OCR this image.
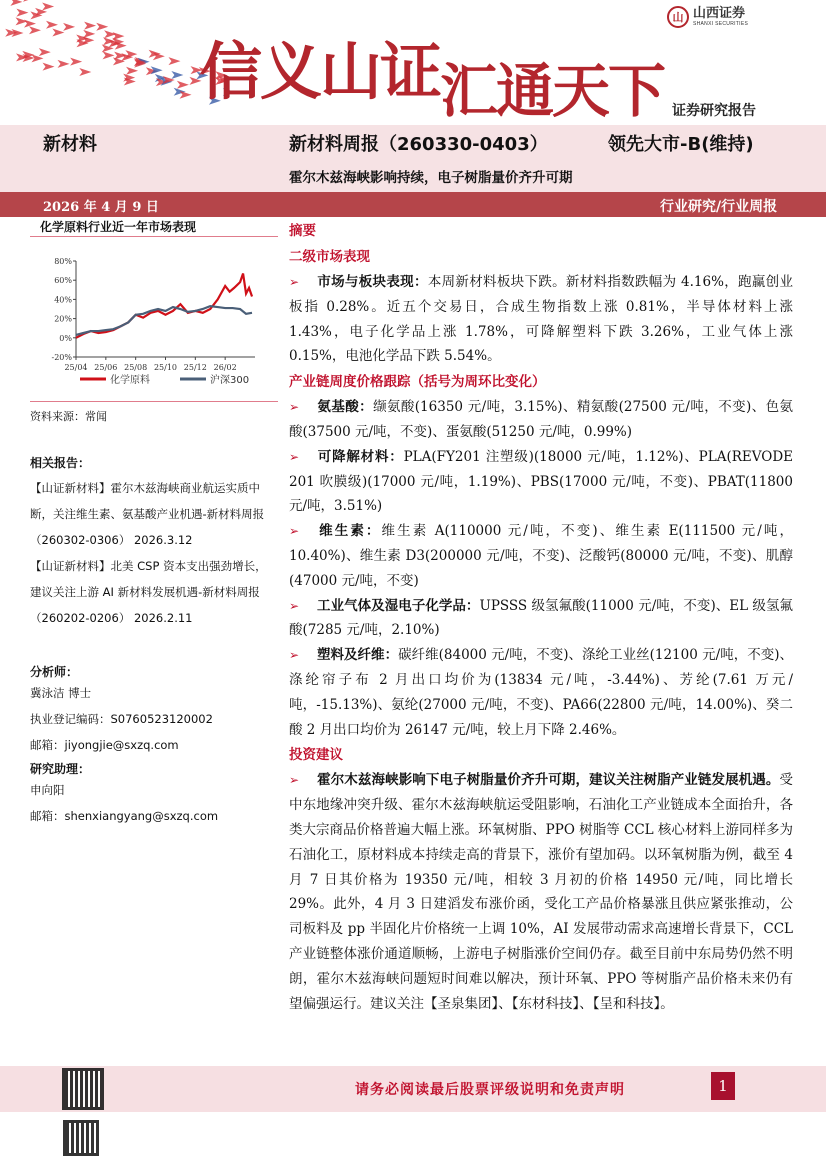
信义山证 汇通天下
山 山西证券
SHANXI SECURITIES
证券研究报告
新材料	新材料周报（260330-0403）	领先大市-B(维持)
霍尔木兹海峡影响持续，电子树脂量价齐升可期
2026 年 4 月 9 日	行业研究/行业周报
化学原料行业近一年市场表现
80%
60%
40%
20%
0%
-20%
25/04 25/06 25/08 25/10 25/12 26/02
化学原料	沪深300
资料来源：常闻
相关报告：
【山证新材料】霍尔木兹海峡商业航运实质中断，关注维生素、氨基酸产业机遇-新材料周报（260302-0306） 2026.3.12
【山证新材料】北美 CSP 资本支出强劲增长，建议关注上游 AI 新材料发展机遇-新材料周报（260202-0206） 2026.2.11
分析师：
冀泳洁 博士
执业登记编码：S0760523120002
邮箱：jiyongjie@sxzq.com
研究助理：
申向阳
邮箱：shenxiangyang@sxzq.com
摘要
二级市场表现
➢ 市场与板块表现：本周新材料板块下跌。新材料指数跌幅为 4.16%，跑赢创业板指 0.28%。近五个交易日，合成生物指数上涨 0.81%，半导体材料上涨 1.43%，电子化学品上涨 1.78%，可降解塑料下跌 3.26%，工业气体上涨 0.15%，电池化学品下跌 5.54%。
产业链周度价格跟踪（括号为周环比变化）
➢ 氨基酸：缬氨酸(16350 元/吨，3.15%)、精氨酸(27500 元/吨，不变)、色氨酸(37500 元/吨，不变)、蛋氨酸(51250 元/吨，0.99%)
➢ 可降解材料：PLA(FY201 注塑级)(18000 元/吨，1.12%)、PLA(REVODE 201 吹膜级)(17000 元/吨，1.19%)、PBS(17000 元/吨，不变)、PBAT(11800 元/吨，3.51%)
➢ 维生素：维生素 A(110000 元/吨，不变)、维生素 E(111500 元/吨，10.40%)、维生素 D3(200000 元/吨，不变)、泛酸钙(80000 元/吨，不变)、肌醇(47000 元/吨，不变)
➢ 工业气体及湿电子化学品：UPSSS 级氢氟酸(11000 元/吨，不变)、EL 级氢氟酸(7285 元/吨，2.10%)
➢ 塑料及纤维：碳纤维(84000 元/吨，不变)、涤纶工业丝(12100 元/吨，不变)、涤纶帘子布 2 月出口均价为(13834 元/吨，-3.44%)、芳纶(7.61 万元/吨，-15.13%)、氨纶(27000 元/吨，不变)、PA66(22800 元/吨，14.00%)、癸二酸 2 月出口均价为 26147 元/吨，较上月下降 2.46%。
投资建议
➢ 霍尔木兹海峡影响下电子树脂量价齐升可期，建议关注树脂产业链发展机遇。受中东地缘冲突升级、霍尔木兹海峡航运受阻影响，石油化工产业链成本全面抬升，各类大宗商品价格普遍大幅上涨。环氧树脂、PPO 树脂等 CCL 核心材料上游同样多为石油化工，原材料成本持续走高的背景下，涨价有望加码。以环氧树脂为例，截至 4 月 7 日其价格为 19350 元/吨，相较 3 月初的价格 14950 元/吨，同比增长 29%。此外，4 月 3 日建滔发布涨价函，受化工产品价格暴涨且供应紧张推动，公司板料及 pp 半固化片价格统一上调 10%，AI 发展带动需求高速增长背景下，CCL 产业链整体涨价通道顺畅，上游电子树脂涨价空间仍存。截至目前中东局势仍然不明朗，霍尔木兹海峡问题短时间难以解决，预计环氧、PPO 等树脂产品价格未来仍有望偏强运行。建议关注【圣泉集团】、【东材科技】、【呈和科技】。
请务必阅读最后股票评级说明和免责声明	1
